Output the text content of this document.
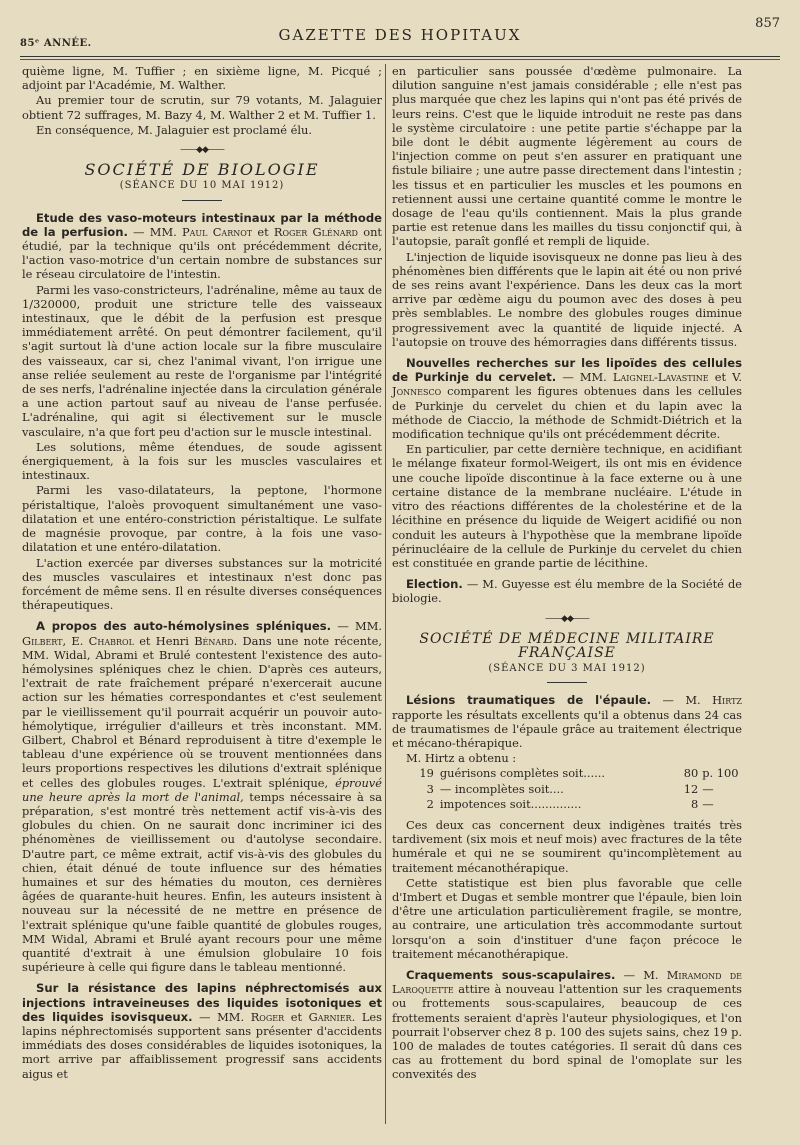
85ᵉ ANNÉE.	GAZETTE DES HOPITAUX
857

quième ligne, M. Tuffier ; en sixième ligne, M. Picqué ; adjoint par l'Académie, M. Walther.

Au premier tour de scrutin, sur 79 votants, M. Jalaguier obtient 72 suffrages, M. Bazy 4, M. Walther 2 et M. Tuffier 1.

En conséquence, M. Jalaguier est proclamé élu.

——◆◆——
SOCIÉTÉ DE BIOLOGIE
(SÉANCE DU 10 MAI 1912)

Etude des vaso-moteurs intestinaux par la méthode de la perfusion. — MM. Paul Carnot et Roger Glénard ont étudié, par la technique qu'ils ont précédemment décrite, l'action vaso-motrice d'un certain nombre de substances sur le réseau circulatoire de l'intestin.

Parmi les vaso-constricteurs, l'adrénaline, même au taux de 1/320000, produit une stricture telle des vaisseaux intestinaux, que le débit de la perfusion est presque immédiatement arrêté. On peut démontrer facilement, qu'il s'agit surtout là d'une action locale sur la fibre musculaire des vaisseaux, car si, chez l'animal vivant, l'on irrigue une anse reliée seulement au reste de l'organisme par l'intégrité de ses nerfs, l'adrénaline injectée dans la circulation générale a une action partout sauf au niveau de l'anse perfusée. L'adrénaline, qui agit si électivement sur le muscle vasculaire, n'a que fort peu d'action sur le muscle intestinal.

Les solutions, même étendues, de soude agissent énergiquement, à la fois sur les muscles vasculaires et intestinaux.

Parmi les vaso-dilatateurs, la peptone, l'hormone péristaltique, l'aloès provoquent simultanément une vaso-dilatation et une entéro-constriction péristaltique. Le sulfate de magnésie provoque, par contre, à la fois une vaso-dilatation et une entéro-dilatation.

L'action exercée par diverses substances sur la motricité des muscles vasculaires et intestinaux n'est donc pas forcément de même sens. Il en résulte diverses conséquences thérapeutiques.

A propos des auto-hémolysines spléniques. — MM. Gilbert, E. Chabrol et Henri Bénard. Dans une note récente, MM. Widal, Abrami et Brulé contestent l'existence des auto-hémolysines spléniques chez le chien. D'après ces auteurs, l'extrait de rate fraîchement préparé n'exercerait aucune action sur les hématies correspondantes et c'est seulement par le vieillissement qu'il pourrait acquérir un pouvoir auto-hémolytique, irrégulier d'ailleurs et très inconstant. MM. Gilbert, Chabrol et Bénard reproduisent à titre d'exemple le tableau d'une expérience où se trouvent mentionnées dans leurs proportions respectives les dilutions d'extrait splénique et celles des globules rouges. L'extrait splénique, éprouvé une heure après la mort de l'animal, temps nécessaire à sa préparation, s'est montré très nettement actif vis-à-vis des globules du chien. On ne saurait donc incriminer ici des phénomènes de vieillissement ou d'autolyse secondaire. D'autre part, ce même extrait, actif vis-à-vis des globules du chien, était dénué de toute influence sur des hématies humaines et sur des hématies du mouton, ces dernières âgées de quarante-huit heures. Enfin, les auteurs insistent à nouveau sur la nécessité de ne mettre en présence de l'extrait splénique qu'une faible quantité de globules rouges, MM Widal, Abrami et Brulé ayant recours pour une même quantité d'extrait à une émulsion globulaire 10 fois supérieure à celle qui figure dans le tableau mentionné.

Sur la résistance des lapins néphrectomisés aux injections intraveineuses des liquides isotoniques et des liquides isovisqueux. — MM. Roger et Garnier. Les lapins néphrectomisés supportent sans présenter d'accidents immédiats des doses considérables de liquides isotoniques, la mort arrive par affaiblissement progressif sans accidents aigus et

en particulier sans poussée d'œdème pulmonaire. La dilution sanguine n'est jamais considérable ; elle n'est pas plus marquée que chez les lapins qui n'ont pas été privés de leurs reins. C'est que le liquide introduit ne reste pas dans le système circulatoire : une petite partie s'échappe par la bile dont le débit augmente légèrement au cours de l'injection comme on peut s'en assurer en pratiquant une fistule biliaire ; une autre passe directement dans l'intestin ; les tissus et en particulier les muscles et les poumons en retiennent aussi une certaine quantité comme le montre le dosage de l'eau qu'ils contiennent. Mais la plus grande partie est retenue dans les mailles du tissu conjonctif qui, à l'autopsie, paraît gonflé et rempli de liquide.

L'injection de liquide isovisqueux ne donne pas lieu à des phénomènes bien différents que le lapin ait été ou non privé de ses reins avant l'expérience. Dans les deux cas la mort arrive par œdème aigu du poumon avec des doses à peu près semblables. Le nombre des globules rouges diminue progressivement avec la quantité de liquide injecté. A l'autopsie on trouve des hémorragies dans différents tissus.

Nouvelles recherches sur les lipoïdes des cellules de Purkinje du cervelet. — MM. Laignel-Lavastine et V. Jonnesco comparent les figures obtenues dans les cellules de Purkinje du cervelet du chien et du lapin avec la méthode de Ciaccio, la méthode de Schmidt-Diétrich et la modification technique qu'ils ont précédemment décrite.

En particulier, par cette dernière technique, en acidifiant le mélange fixateur formol-Weigert, ils ont mis en évidence une couche lipoïde discontinue à la face externe ou à une certaine distance de la membrane nucléaire. L'étude in vitro des réactions différentes de la cholestérine et de la lécithine en présence du liquide de Weigert acidifié ou non conduit les auteurs à l'hypothèse que la membrane lipoïde périnucléaire de la cellule de Purkinje du cervelet du chien est constituée en grande partie de lécithine.

Election. — M. Guyesse est élu membre de la Société de biologie.

——◆◆——
SOCIÉTÉ DE MÉDECINE MILITAIRE FRANÇAISE
(SÉANCE DU 3 MAI 1912)

Lésions traumatiques de l'épaule. — M. Hirtz rapporte les résultats excellents qu'il a obtenus dans 24 cas de traumatismes de l'épaule grâce au traitement électrique et mécano-thérapique.

M. Hirtz a obtenu :

19 guérisons complètes soit......	80 p. 100
3 — incomplètes soit....	12 —
2 impotences soit..............	8 —

Ces deux cas concernent deux indigènes traités très tardivement (six mois et neuf mois) avec fractures de la tête humérale et qui ne se soumirent qu'incomplètement au traitement mécanothérapique.

Cette statistique est bien plus favorable que celle d'Imbert et Dugas et semble montrer que l'épaule, bien loin d'être une articulation particulièrement fragile, se montre, au contraire, une articulation très accommodante surtout lorsqu'on a soin d'instituer d'une façon précoce le traitement mécanothérapique.

Craquements sous-scapulaires. — M. Miramond de Laroquette attire à nouveau l'attention sur les craquements ou frottements sous-scapulaires, beaucoup de ces frottements seraient d'après l'auteur physiologiques, et l'on pourrait l'observer chez 8 p. 100 des sujets sains, chez 19 p. 100 de malades de toutes catégories. Il serait dû dans ces cas au frottement du bord spinal de l'omoplate sur les convexités des
